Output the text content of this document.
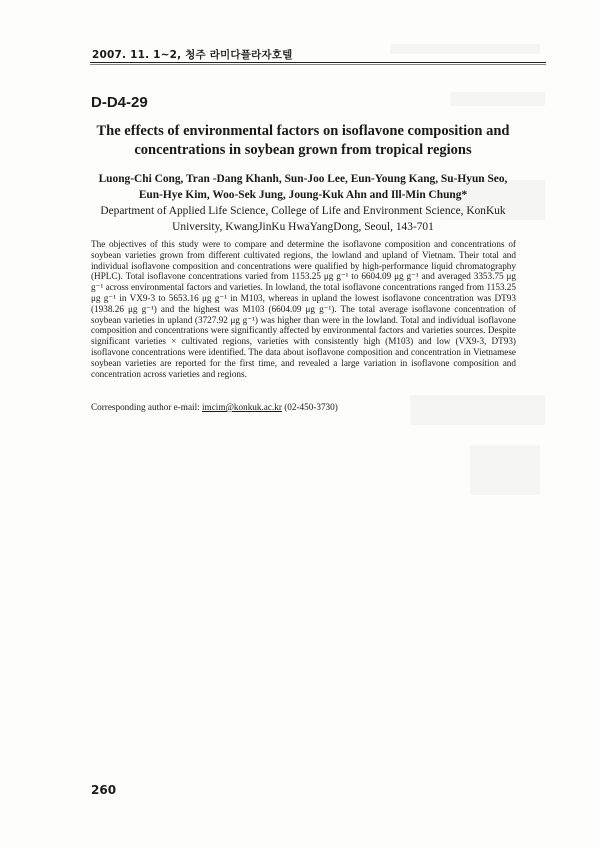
2007. 11. 1~2, 청주 라미다플라자호텔
D-D4-29
The effects of environmental factors on isoflavone composition and concentrations in soybean grown from tropical regions
Luong-Chi Cong, Tran -Dang Khanh, Sun-Joo Lee, Eun-Young Kang, Su-Hyun Seo, Eun-Hye Kim, Woo-Sek Jung, Joung-Kuk Ahn and Ill-Min Chung*
Department of Applied Life Science, College of Life and Environment Science, KonKuk University, KwangJinKu HwaYangDong, Seoul, 143-701
The objectives of this study were to compare and determine the isoflavone composition and concentrations of soybean varieties grown from different cultivated regions, the lowland and upland of Vietnam. Their total and individual isoflavone composition and concentrations were qualified by high-performance liquid chromatography (HPLC). Total isoflavone concentrations varied from 1153.25 μg g⁻¹ to 6604.09 μg g⁻¹ and averaged 3353.75 μg g⁻¹ across environmental factors and varieties. In lowland, the total isoflavone concentrations ranged from 1153.25 μg g⁻¹ in VX9-3 to 5653.16 μg g⁻¹ in M103, whereas in upland the lowest isoflavone concentration was DT93 (1938.26 μg g⁻¹) and the highest was M103 (6604.09 μg g⁻¹). The total average isoflavone concentration of soybean varieties in upland (3727.92 μg g⁻¹) was higher than were in the lowland. Total and individual isoflavone composition and concentrations were significantly affected by environmental factors and varieties sources. Despite significant varieties × cultivated regions, varieties with consistently high (M103) and low (VX9-3, DT93) isoflavone concentrations were identified. The data about isoflavone composition and concentration in Vietnamese soybean varieties are reported for the first time, and revealed a large variation in isoflavone composition and concentration across varieties and regions.
Corresponding author e-mail: imcim@konkuk.ac.kr (02-450-3730)
260
